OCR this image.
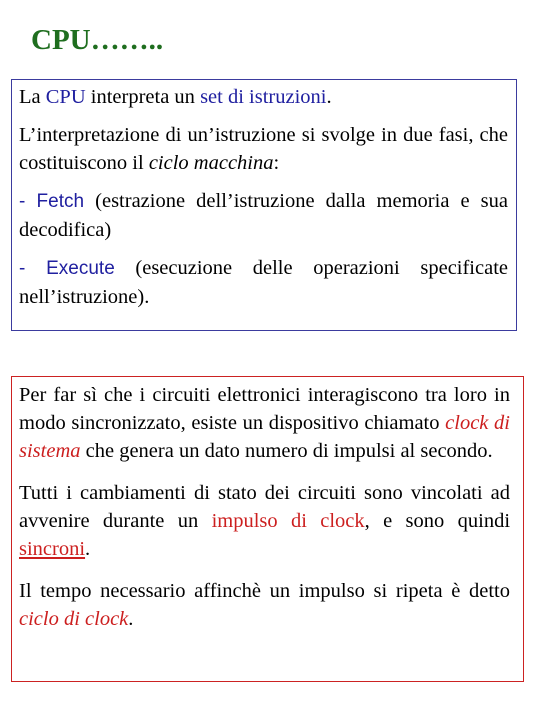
CPU……..

La CPU interpreta un set di istruzioni.

L’interpretazione di un’istruzione si svolge in due fasi, che costituiscono il ciclo macchina:

- Fetch (estrazione dell’istruzione dalla memoria e sua decodifica)

- Execute (esecuzione delle operazioni specificate nell’istruzione).

Per far sì che i circuiti elettronici interagiscono tra loro in modo sincronizzato, esiste un dispositivo chiamato clock di sistema che genera un dato numero di impulsi al secondo.

Tutti i cambiamenti di stato dei circuiti sono vincolati ad avvenire durante un impulso di clock, e sono quindi sincroni.

Il tempo necessario affinchè un impulso si ripeta è detto ciclo di clock.
